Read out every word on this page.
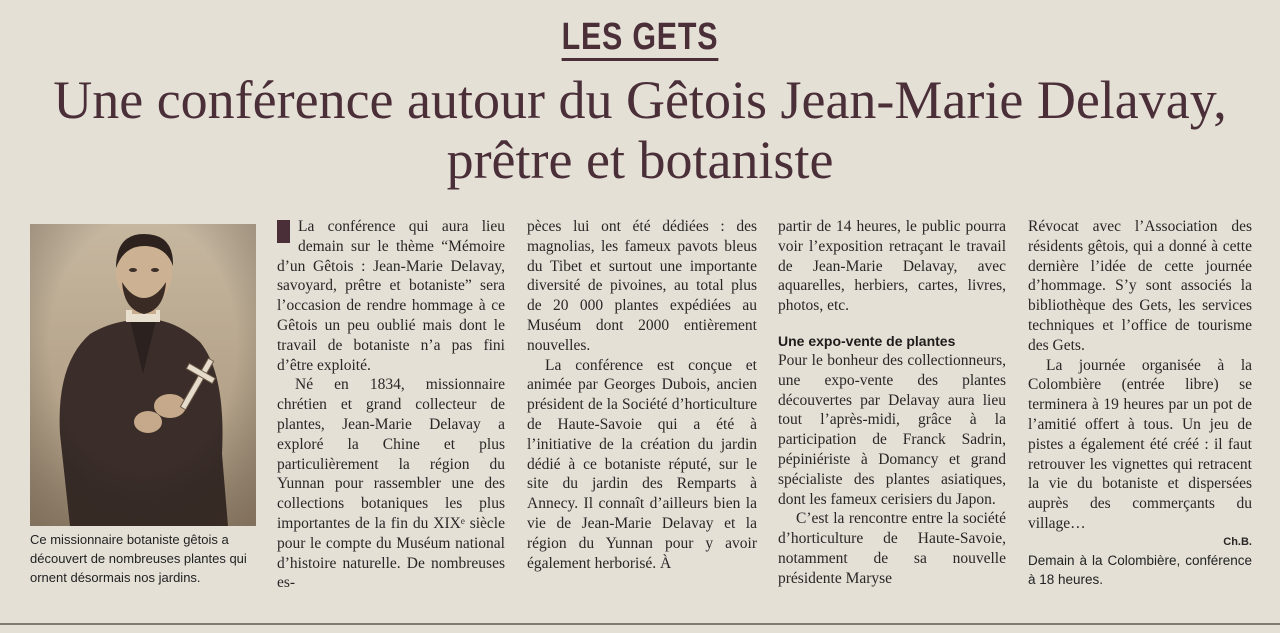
LES GETS
Une conférence autour du Gêtois Jean-Marie Delavay,
prêtre et botaniste
Ce missionnaire botaniste gêtois a découvert de nombreuses plantes qui ornent désormais nos jardins.

La conférence qui aura lieu demain sur le thème “Mémoire d’un Gêtois : Jean-Marie Delavay, savoyard, prêtre et botaniste” sera l’occasion de rendre hommage à ce Gêtois un peu oublié mais dont le travail de botaniste n’a pas fini d’être exploité.

Né en 1834, missionnaire chrétien et grand collecteur de plantes, Jean-Marie Delavay a exploré la Chine et plus particulièrement la région du Yunnan pour rassembler une des collections botaniques les plus importantes de la fin du XIXᵉ siècle pour le compte du Muséum national d’histoire naturelle. De nombreuses es-

pèces lui ont été dédiées : des magnolias, les fameux pavots bleus du Tibet et surtout une importante diversité de pivoines, au total plus de 20 000 plantes expédiées au Muséum dont 2000 entièrement nouvelles.

La conférence est conçue et animée par Georges Dubois, ancien président de la Société d’horticulture de Haute-Savoie qui a été à l’initiative de la création du jardin dédié à ce botaniste réputé, sur le site du jardin des Remparts à Annecy. Il connaît d’ailleurs bien la vie de Jean-Marie Delavay et la région du Yunnan pour y avoir également herborisé. À

partir de 14 heures, le public pourra voir l’exposition retraçant le travail de Jean-Marie Delavay, avec aquarelles, herbiers, cartes, livres, photos, etc.

Une expo-vente de plantes

Pour le bonheur des collectionneurs, une expo-vente des plantes découvertes par Delavay aura lieu tout l’après-midi, grâce à la participation de Franck Sadrin, pépiniériste à Domancy et grand spécialiste des plantes asiatiques, dont les fameux cerisiers du Japon.

C’est la rencontre entre la société d’horticulture de Haute-Savoie, notamment de sa nouvelle présidente Maryse

Révocat avec l’Association des résidents gêtois, qui a donné à cette dernière l’idée de cette journée d’hommage. S’y sont associés la bibliothèque des Gets, les services techniques et l’office de tourisme des Gets.

La journée organisée à la Colombière (entrée libre) se terminera à 19 heures par un pot de l’amitié offert à tous. Un jeu de pistes a également été créé : il faut retrouver les vignettes qui retracent la vie du botaniste et dispersées auprès des commerçants du village…

Ch.B.
Demain à la Colombière, conférence à 18 heures.
